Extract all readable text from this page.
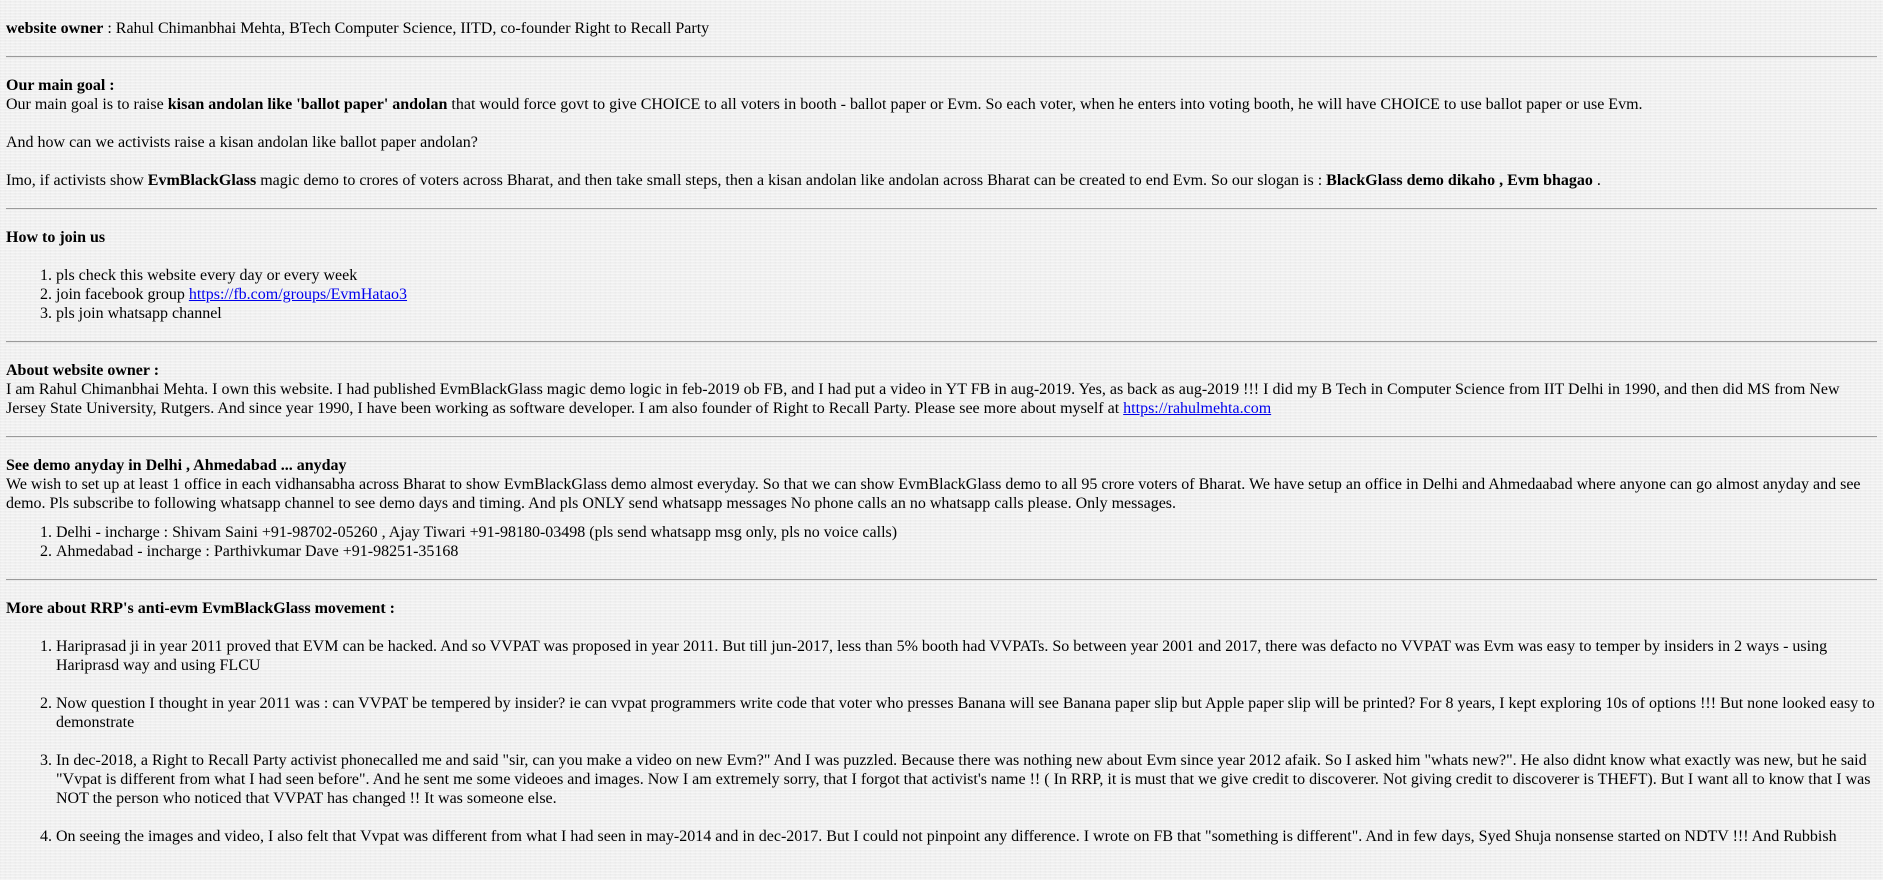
website owner : Rahul Chimanbhai Mehta, BTech Computer Science, IITD, co-founder Right to Recall Party

Our main goal :

Our main goal is to raise kisan andolan like 'ballot paper' andolan that would force govt to give CHOICE to all voters in booth - ballot paper or Evm. So each voter, when he enters into voting booth, he will have CHOICE to use ballot paper or use Evm.

And how can we activists raise a kisan andolan like ballot paper andolan?

Imo, if activists show EvmBlackGlass magic demo to crores of voters across Bharat, and then take small steps, then a kisan andolan like andolan across Bharat can be created to end Evm. So our slogan is : BlackGlass demo dikaho , Evm bhagao .

How to join us

1. pls check this website every day or every week
2. join facebook group https://fb.com/groups/EvmHatao3
3. pls join whatsapp channel

About website owner :

I am Rahul Chimanbhai Mehta. I own this website. I had published EvmBlackGlass magic demo logic in feb-2019 ob FB, and I had put a video in YT FB in aug-2019. Yes, as back as aug-2019 !!! I did my B Tech in Computer Science from IIT Delhi in 1990, and then did MS from New Jersey State University, Rutgers. And since year 1990, I have been working as software developer. I am also founder of Right to Recall Party. Please see more about myself at https://rahulmehta.com

See demo anyday in Delhi , Ahmedabad ... anyday

We wish to set up at least 1 office in each vidhansabha across Bharat to show EvmBlackGlass demo almost everyday. So that we can show EvmBlackGlass demo to all 95 crore voters of Bharat. We have setup an office in Delhi and Ahmedaabad where anyone can go almost anyday and see demo. Pls subscribe to following whatsapp channel to see demo days and timing. And pls ONLY send whatsapp messages No phone calls an no whatsapp calls please. Only messages.

1. Delhi - incharge : Shivam Saini +91-98702-05260 , Ajay Tiwari +91-98180-03498 (pls send whatsapp msg only, pls no voice calls)
2. Ahmedabad - incharge : Parthivkumar Dave +91-98251-35168

More about RRP's anti-evm EvmBlackGlass movement :

1. Hariprasad ji in year 2011 proved that EVM can be hacked. And so VVPAT was proposed in year 2011. But till jun-2017, less than 5% booth had VVPATs. So between year 2001 and 2017, there was defacto no VVPAT was Evm was easy to temper by insiders in 2 ways - using Hariprasd way and using FLCU
2. Now question I thought in year 2011 was : can VVPAT be tempered by insider? ie can vvpat programmers write code that voter who presses Banana will see Banana paper slip but Apple paper slip will be printed? For 8 years, I kept exploring 10s of options !!! But none looked easy to demonstrate
3. In dec-2018, a Right to Recall Party activist phonecalled me and said "sir, can you make a video on new Evm?" And I was puzzled. Because there was nothing new about Evm since year 2012 afaik. So I asked him "whats new?". He also didnt know what exactly was new, but he said "Vvpat is different from what I had seen before". And he sent me some videoes and images. Now I am extremely sorry, that I forgot that activist's name !! ( In RRP, it is must that we give credit to discoverer. Not giving credit to discoverer is THEFT). But I want all to know that I was NOT the person who noticed that VVPAT has changed !! It was someone else.
4. On seeing the images and video, I also felt that Vvpat was different from what I had seen in may-2014 and in dec-2017. But I could not pinpoint any difference. I wrote on FB that "something is different". And in few days, Syed Shuja nonsense started on NDTV !!! And Rubbish
